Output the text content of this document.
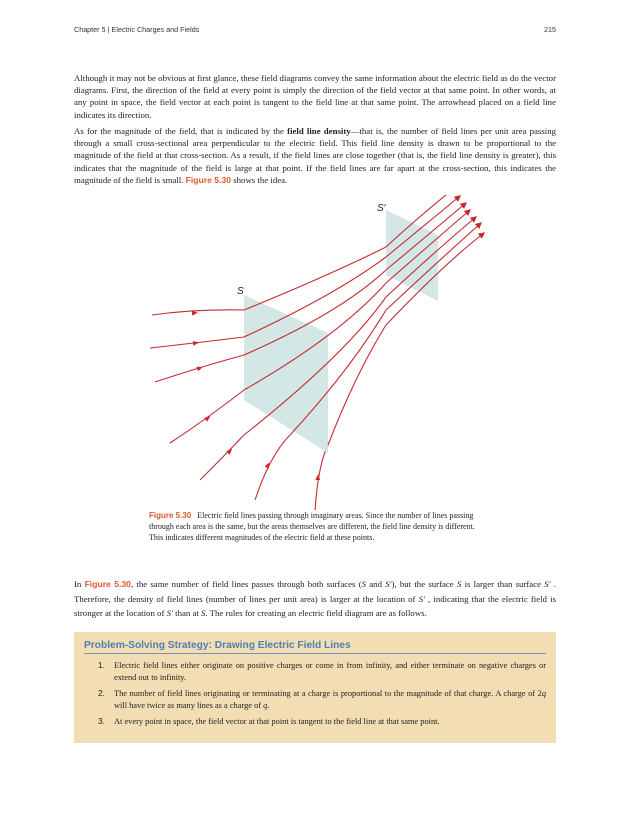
Chapter 5 | Electric Charges and Fields	215

Although it may not be obvious at first glance, these field diagrams convey the same information about the electric field as do the vector diagrams. First, the direction of the field at every point is simply the direction of the field vector at that same point. In other words, at any point in space, the field vector at each point is tangent to the field line at that same point. The arrowhead placed on a field line indicates its direction.

As for the magnitude of the field, that is indicated by the field line density—that is, the number of field lines per unit area passing through a small cross-sectional area perpendicular to the electric field. This field line density is drawn to be proportional to the magnitude of the field at that cross-section. As a result, if the field lines are close together (that is, the field line density is greater), this indicates that the magnitude of the field is large at that point. If the field lines are far apart at the cross-section, this indicates the magnitude of the field is small. Figure 5.30 shows the idea.

S
S′

Figure 5.30 Electric field lines passing through imaginary areas. Since the number of lines passing through each area is the same, but the areas themselves are different, the field line density is different. This indicates different magnitudes of the electric field at these points.

In Figure 5.30, the same number of field lines passes through both surfaces (S and S′), but the surface S is larger than surface S′ . Therefore, the density of field lines (number of lines per unit area) is larger at the location of S′ , indicating that the electric field is stronger at the location of S′ than at S. The rules for creating an electric field diagram are as follows.

Problem-Solving Strategy: Drawing Electric Field Lines
1. Electric field lines either originate on positive charges or come in from infinity, and either terminate on negative charges or extend out to infinity.
2. The number of field lines originating or terminating at a charge is proportional to the magnitude of that charge. A charge of 2q will have twice as many lines as a charge of q.
3. At every point in space, the field vector at that point is tangent to the field line at that same point.
